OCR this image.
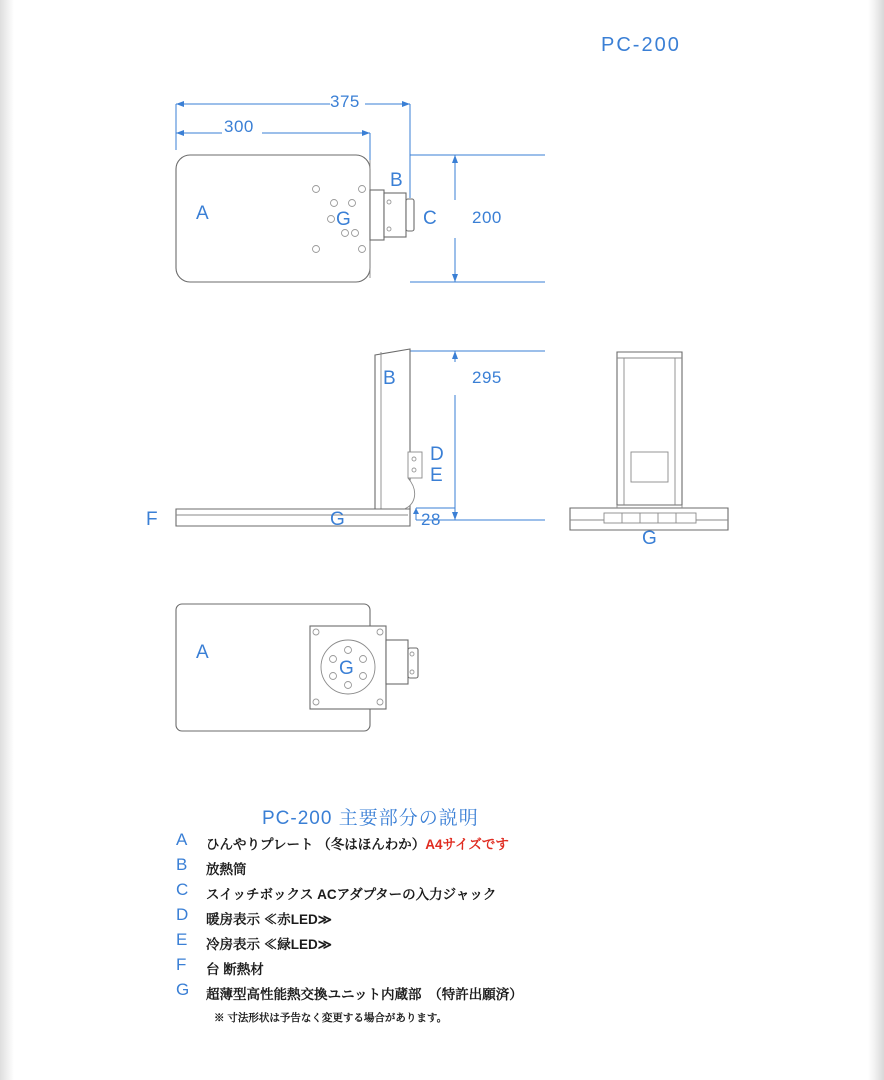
PC-200
375
300
200
A
B
C
G
295
28
B
D
E
F	G
G
A
G
PC-200 主要部分の説明
A ひんやりプレート （冬はほんわか）A4サイズです
B 放熱筒
C スイッチボックス ACアダプターの入力ジャック
D 暖房表示 ≪赤LED≫
E 冷房表示 ≪緑LED≫
F 台 断熱材
G 超薄型高性能熱交換ユニット内蔵部　（特許出願済）
※ 寸法形状は予告なく変更する場合があります。
